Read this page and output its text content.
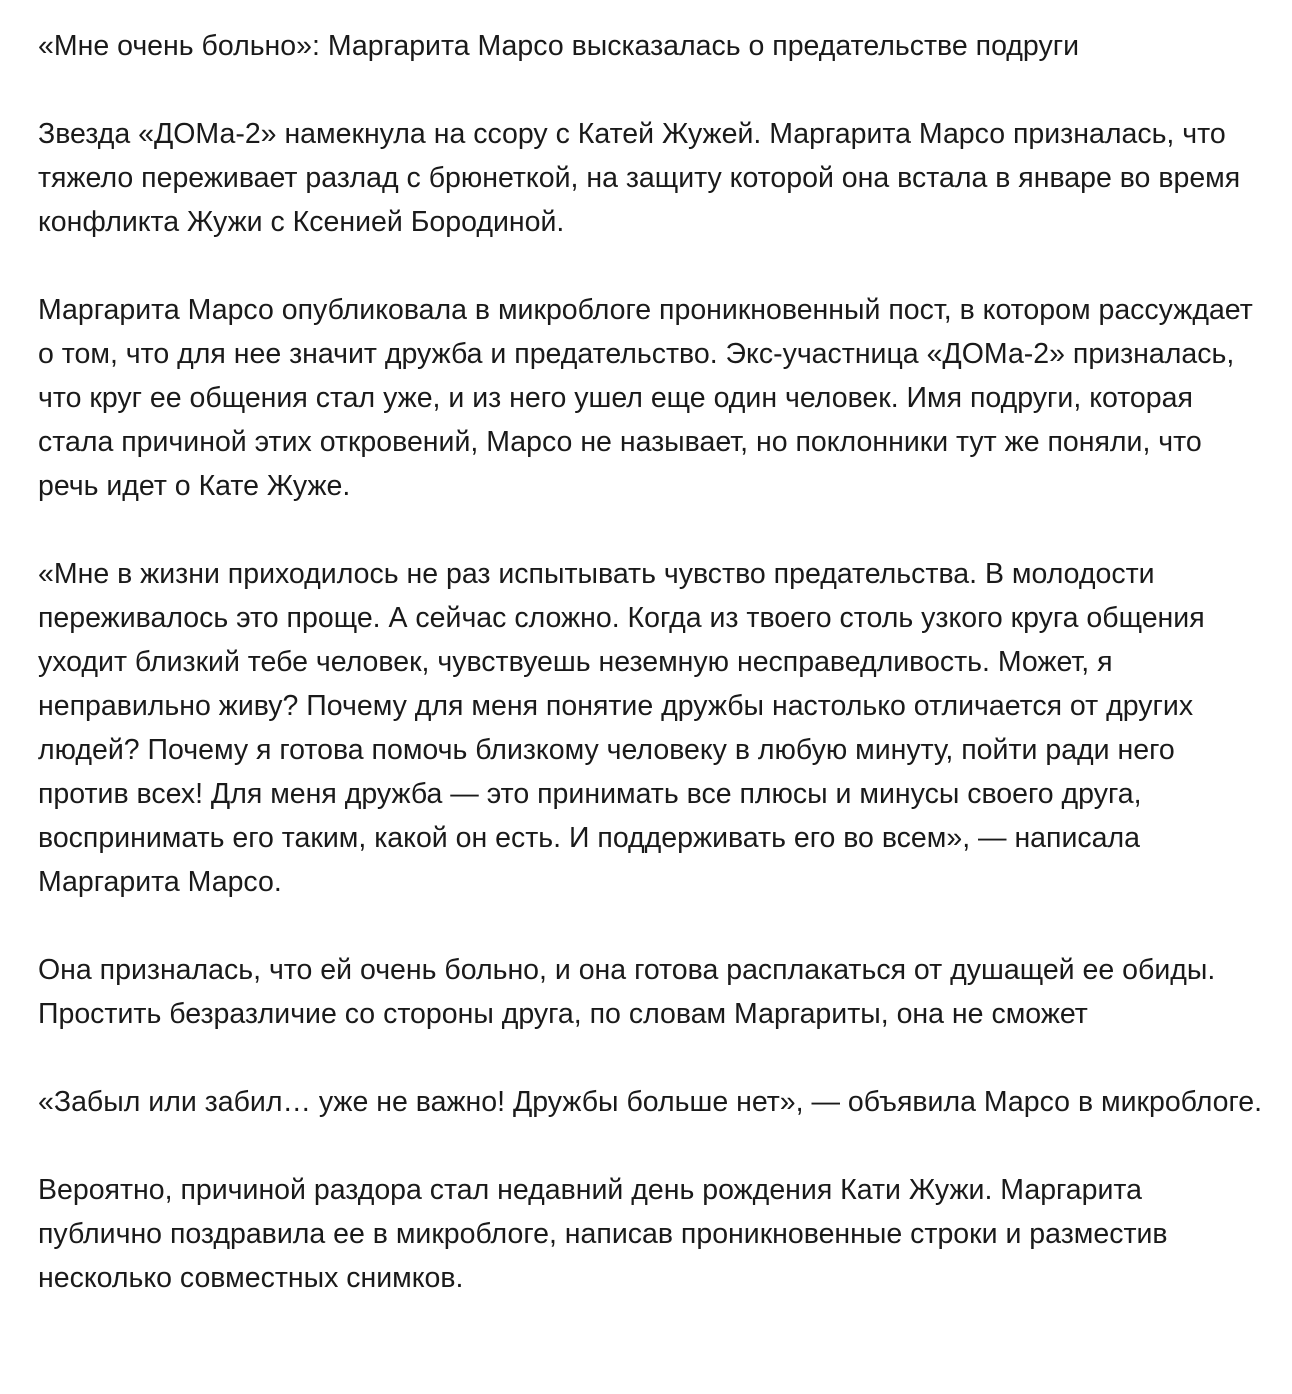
«Мне очень больно»: Маргарита Марсо высказалась о предательстве подруги

Звезда «ДОМа-2» намекнула на ссору с Катей Жужей. Маргарита Марсо призналась, что тяжело переживает разлад с брюнеткой, на защиту которой она встала в январе во время конфликта Жужи с Ксенией Бородиной.

Маргарита Марсо опубликовала в микроблоге проникновенный пост, в котором рассуждает о том, что для нее значит дружба и предательство. Экс-участница «ДОМа-2» призналась, что круг ее общения стал уже, и из него ушел еще один человек. Имя подруги, которая стала причиной этих откровений, Марсо не называет, но поклонники тут же поняли, что речь идет о Кате Жуже.

«Мне в жизни приходилось не раз испытывать чувство предательства. В молодости переживалось это проще. А сейчас сложно. Когда из твоего столь узкого круга общения уходит близкий тебе человек, чувствуешь неземную несправедливость. Может, я неправильно живу? Почему для меня понятие дружбы настолько отличается от других людей? Почему я готова помочь близкому человеку в любую минуту, пойти ради него против всех! Для меня дружба — это принимать все плюсы и минусы своего друга, воспринимать его таким, какой он есть. И поддерживать его во всем», — написала Маргарита Марсо.

Она призналась, что ей очень больно, и она готова расплакаться от душащей ее обиды. Простить безразличие со стороны друга, по словам Маргариты, она не сможет

«Забыл или забил… уже не важно! Дружбы больше нет», — объявила Марсо в микроблоге.

Вероятно, причиной раздора стал недавний день рождения Кати Жужи. Маргарита публично поздравила ее в микроблоге, написав проникновенные строки и разместив несколько совместных снимков.
